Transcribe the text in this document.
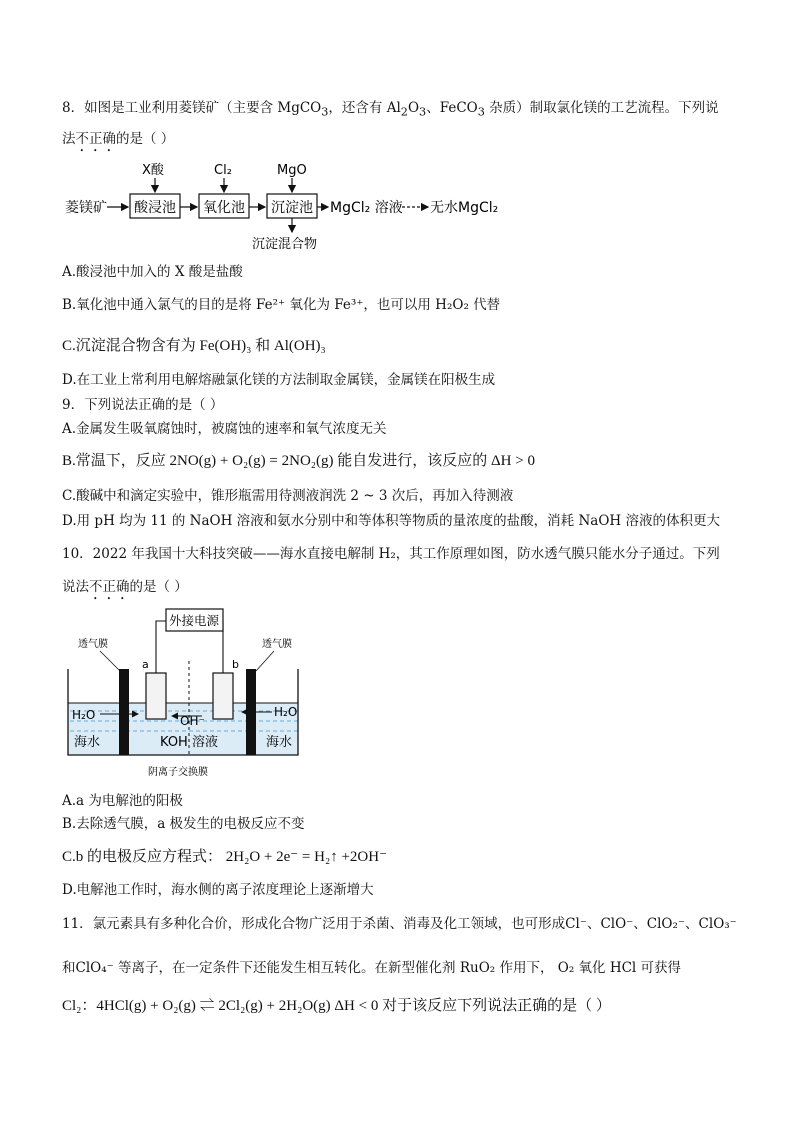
8．如图是工业利用菱镁矿（主要含 MgCO$_3$，还含有 $Al_2O_3$、FeCO$_3$ 杂质）制取氯化镁的工艺流程。下列说
法不正确的是（ ）
菱镁矿 酸浸池 氧化池 沉淀池
X酸	Cl₂	MgO
MgCl₂ 溶液 无水MgCl₂
沉淀混合物
A.酸浸池中加入的 X 酸是盐酸
B.氧化池中通入氯气的目的是将 Fe²⁺ 氧化为 Fe³⁺，也可以用 H₂O₂ 代替
C.沉淀混合物含有为 Fe(OH)₃ 和 Al(OH)₃
D.在工业上常利用电解熔融氯化镁的方法制取金属镁，金属镁在阳极生成
9．下列说法正确的是（ ）
A.金属发生吸氧腐蚀时，被腐蚀的速率和氧气浓度无关
B.常温下，反应 2NO(g) + O₂(g) = 2NO₂(g) 能自发进行，该反应的 ΔH > 0
C.酸碱中和滴定实验中，锥形瓶需用待测液润洗 2 ~ 3 次后，再加入待测液
D.用 pH 均为 11 的 NaOH 溶液和氨水分别中和等体积等物质的量浓度的盐酸，消耗 NaOH 溶液的体积更大
10．2022 年我国十大科技突破——海水直接电解制 H₂，其工作原理如图，防水透气膜只能水分子通过。下列
说法不正确的是（ ）
外接电源
透气膜	透气膜
a	b
H₂O	H₂O
OH⁻
海水	KOH 溶液	海水
阴离子交换膜
A.a 为电解池的阳极
B.去除透气膜，a 极发生的电极反应不变
C.b 的电极反应方程式： 2H₂O + 2e⁻ = H₂↑ +2OH⁻
D.电解池工作时，海水侧的离子浓度理论上逐渐增大
11．氯元素具有多种化合价，形成化合物广泛用于杀菌、消毒及化工领域，也可形成Cl⁻、ClO⁻、ClO₂⁻、ClO₃⁻
和ClO₄⁻ 等离子，在一定条件下还能发生相互转化。在新型催化剂 RuO₂ 作用下， O₂ 氧化 HCl 可获得
Cl₂：4HCl(g) + O₂(g) ⇌ 2Cl₂(g) + 2H₂O(g) ΔH < 0 对于该反应下列说法正确的是（ ）
